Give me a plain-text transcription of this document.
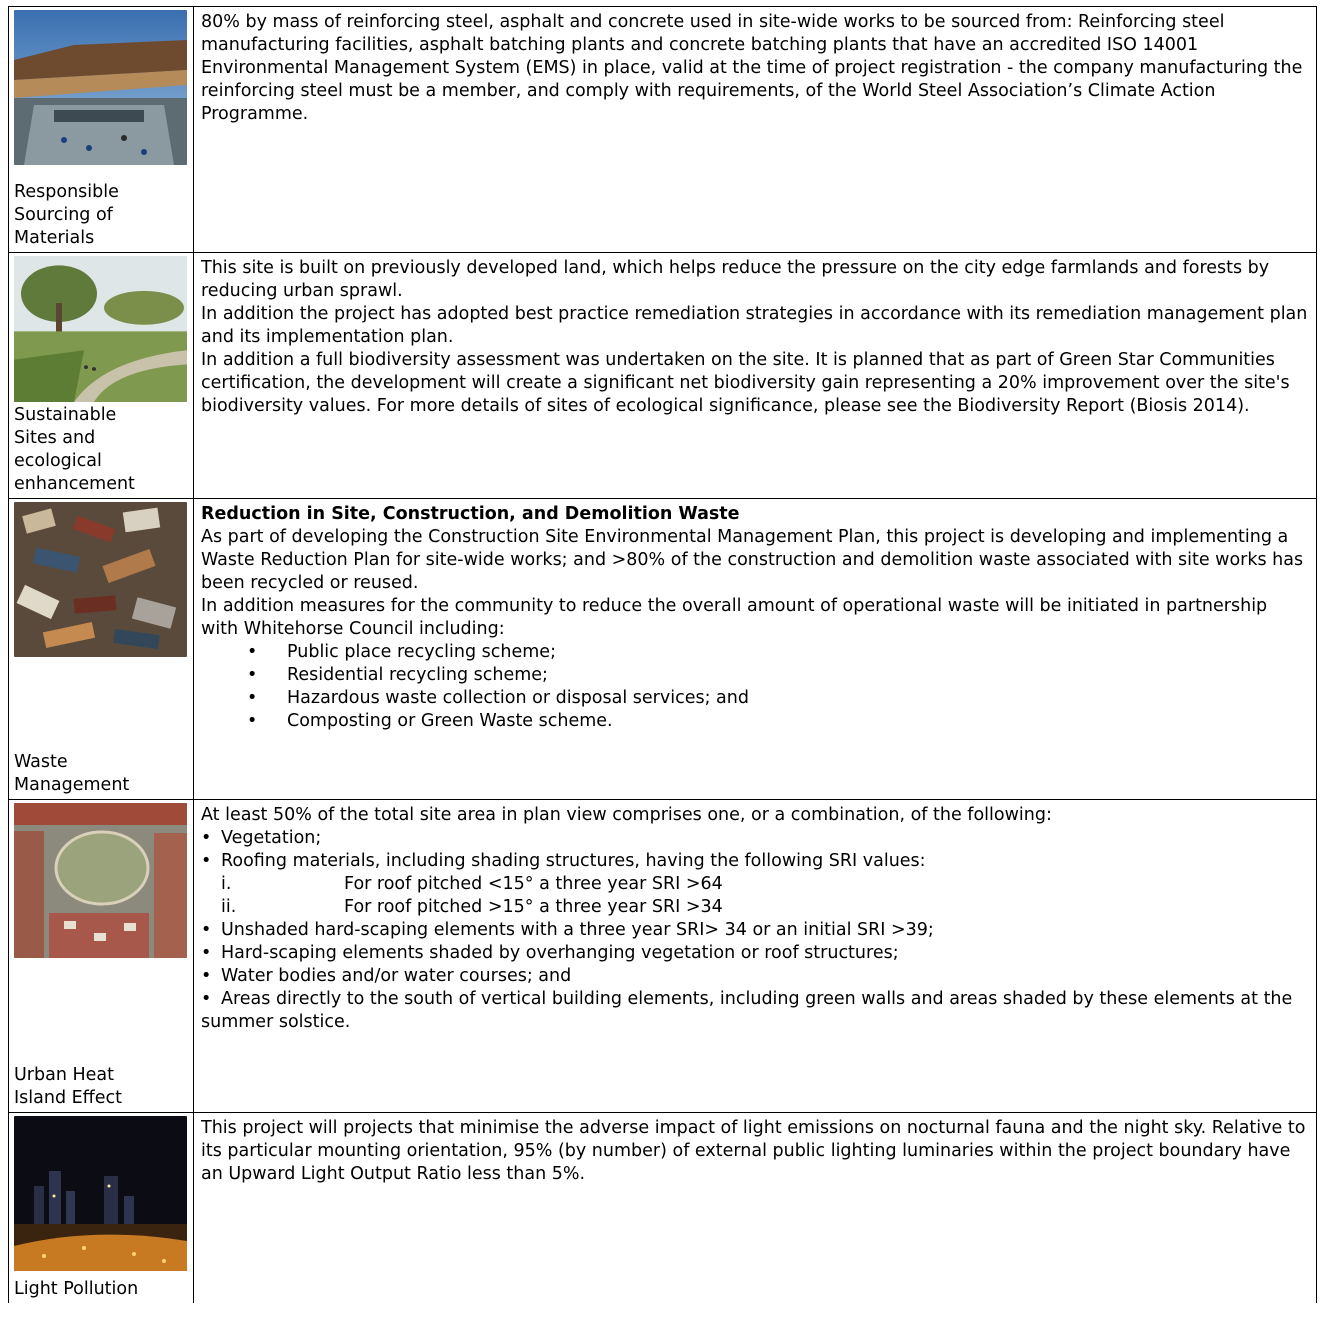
Responsible
Sourcing of
Materials

80% by mass of reinforcing steel, asphalt and concrete used in site-wide works to be sourced from: Reinforcing steel manufacturing facilities, asphalt batching plants and concrete batching plants that have an accredited ISO 14001 Environmental Management System (EMS) in place, valid at the time of project registration - the company manufacturing the reinforcing steel must be a member, and comply with requirements, of the World Steel Association’s Climate Action Programme.

Sustainable
Sites and
ecological
enhancement

This site is built on previously developed land, which helps reduce the pressure on the city edge farmlands and forests by reducing urban sprawl.

In addition the project has adopted best practice remediation strategies in accordance with its remediation management plan and its implementation plan.

In addition a full biodiversity assessment was undertaken on the site. It is planned that as part of Green Star Communities certification, the development will create a significant net biodiversity gain representing a 20% improvement over the site's biodiversity values. For more details of sites of ecological significance, please see the Biodiversity Report (Biosis 2014).

Waste
Management

Reduction in Site, Construction, and Demolition Waste

As part of developing the Construction Site Environmental Management Plan, this project is developing and implementing a Waste Reduction Plan for site-wide works; and >80% of the construction and demolition waste associated with site works has been recycled or reused.

In addition measures for the community to reduce the overall amount of operational waste will be initiated in partnership with Whitehorse Council including:

• Public place recycling scheme;
• Residential recycling scheme;
• Hazardous waste collection or disposal services; and
• Composting or Green Waste scheme.
Urban Heat
Island Effect

At least 50% of the total site area in plan view comprises one, or a combination, of the following:

• Vegetation;
• Roofing materials, including shading structures, having the following SRI values:
i.	For roof pitched <15° a three year SRI >64
ii.	For roof pitched >15° a three year SRI >34
• Unshaded hard-scaping elements with a three year SRI> 34 or an initial SRI >39;
• Hard-scaping elements shaded by overhanging vegetation or roof structures;
• Water bodies and/or water courses; and

• Areas directly to the south of vertical building elements, including green walls and areas shaded by these elements at the summer solstice.

Light Pollution

This project will projects that minimise the adverse impact of light emissions on nocturnal fauna and the night sky. Relative to its particular mounting orientation, 95% (by number) of external public lighting luminaries within the project boundary have an Upward Light Output Ratio less than 5%.
